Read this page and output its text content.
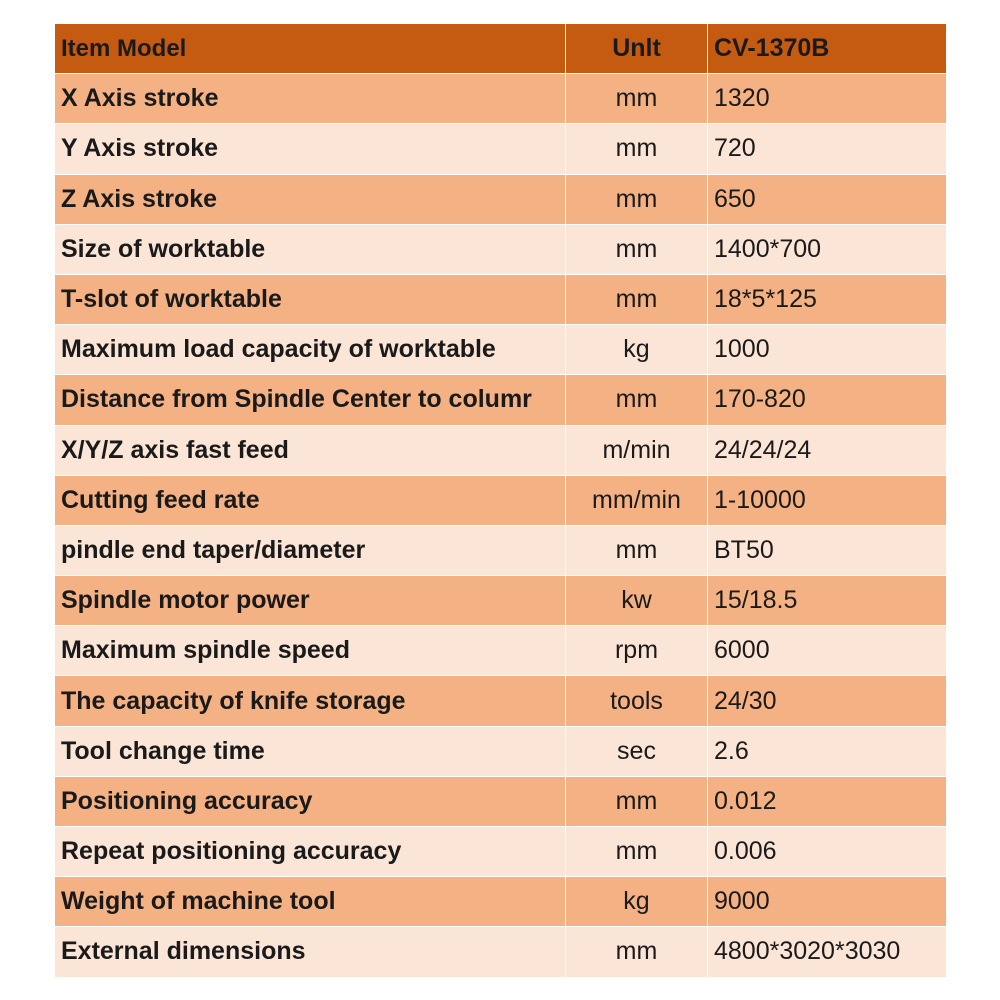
Item Model	Unlt	CV-1370B
X Axis stroke	mm	1320
Y Axis stroke	mm	720
Z Axis stroke	mm	650
Size of worktable	mm	1400*700
T-slot of worktable	mm	18*5*125
Maximum load capacity of worktable	kg	1000
Distance from Spindle Center to columr	mm	170-820
X/Y/Z axis fast feed	m/min	24/24/24
Cutting feed rate	mm/min	1-10000
pindle end taper/diameter	mm	BT50
Spindle motor power	kw	15/18.5
Maximum spindle speed	rpm	6000
The capacity of knife storage	tools	24/30
Tool change time	sec	2.6
Positioning accuracy	mm	0.012
Repeat positioning accuracy	mm	0.006
Weight of machine tool	kg	9000
External dimensions	mm	4800*3020*3030
